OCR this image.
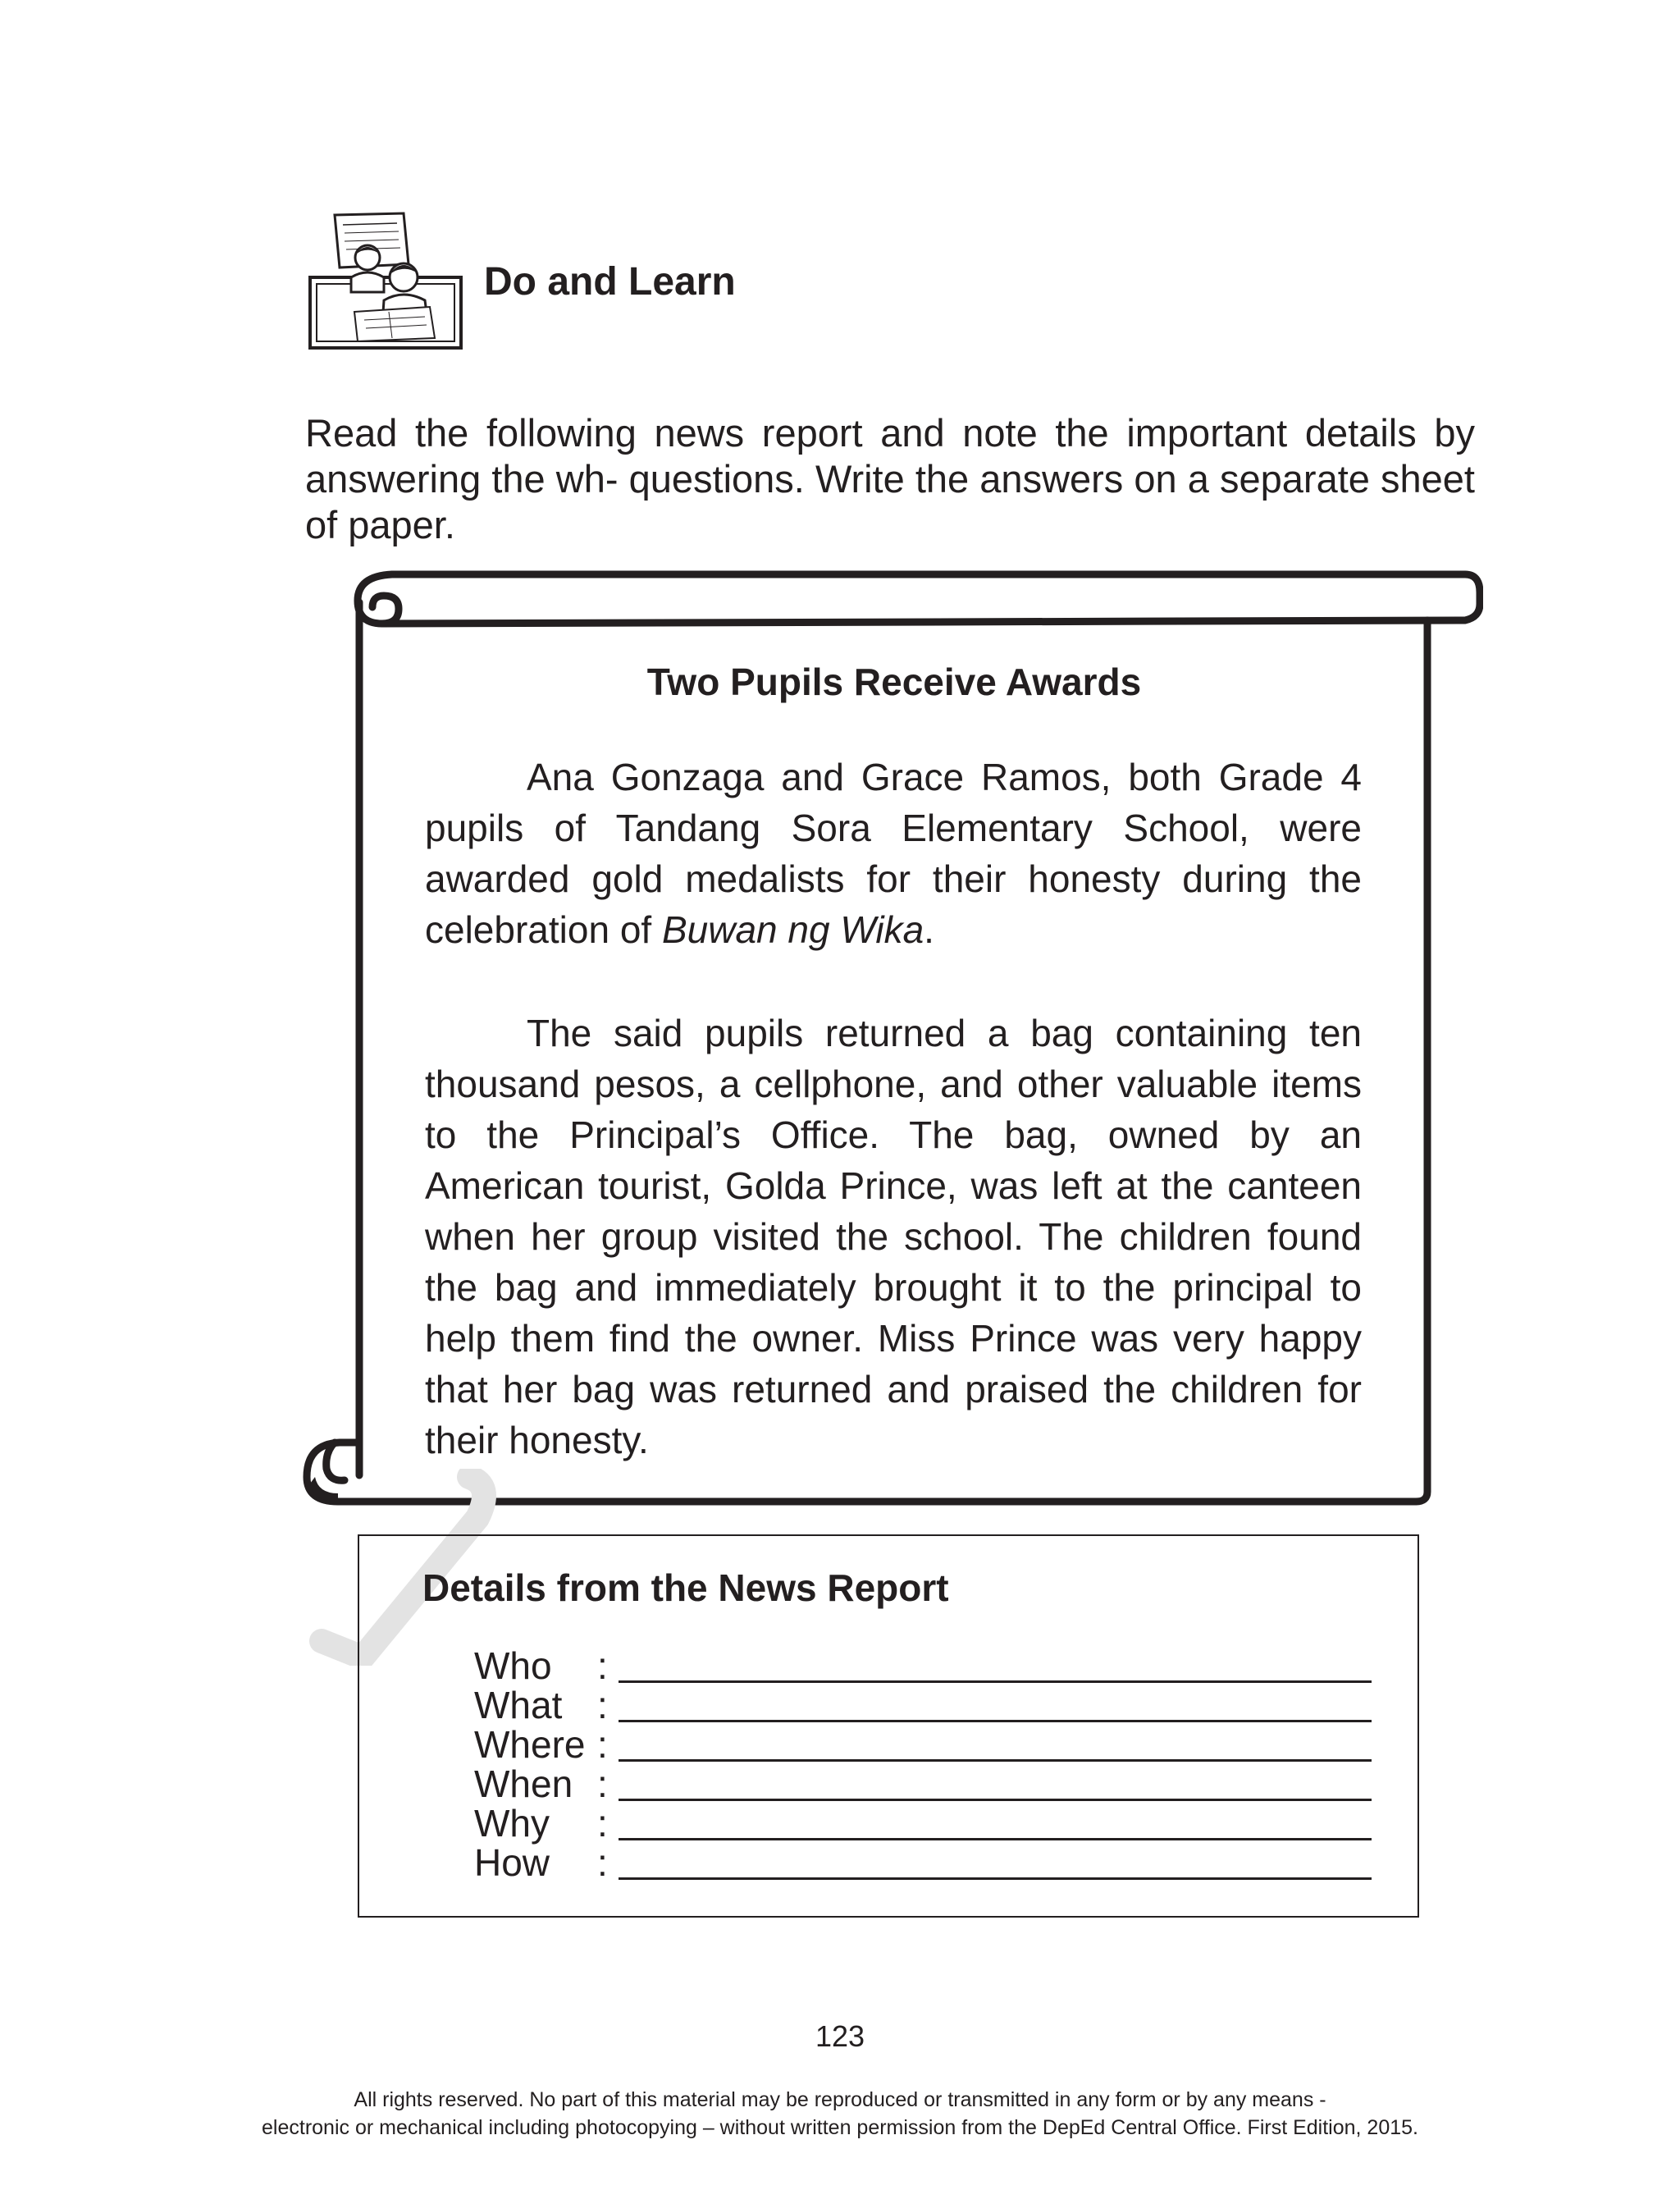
Do and Learn
Read the following news report and note the important details by answering the wh- questions. Write the answers on a separate sheet of paper.
Two Pupils Receive Awards

Ana Gonzaga and Grace Ramos, both Grade 4 pupils of Tandang Sora Elementary School, were awarded gold medalists for their honesty during the celebration of Buwan ng Wika.

The said pupils returned a bag containing ten thousand pesos, a cellphone, and other valuable items to the Principal’s Office. The bag, owned by an American tourist, Golda Prince, was left at the canteen when her group visited the school. The children found the bag and immediately brought it to the principal to help them find the owner. Miss Prince was very happy that her bag was returned and praised the children for their honesty.

Details from the News Report
Who :
What :
Where :
When :
Why :
How :
123
All rights reserved. No part of this material may be reproduced or transmitted in any form or by any means -
electronic or mechanical including photocopying – without written permission from the DepEd Central Office. First Edition, 2015.
